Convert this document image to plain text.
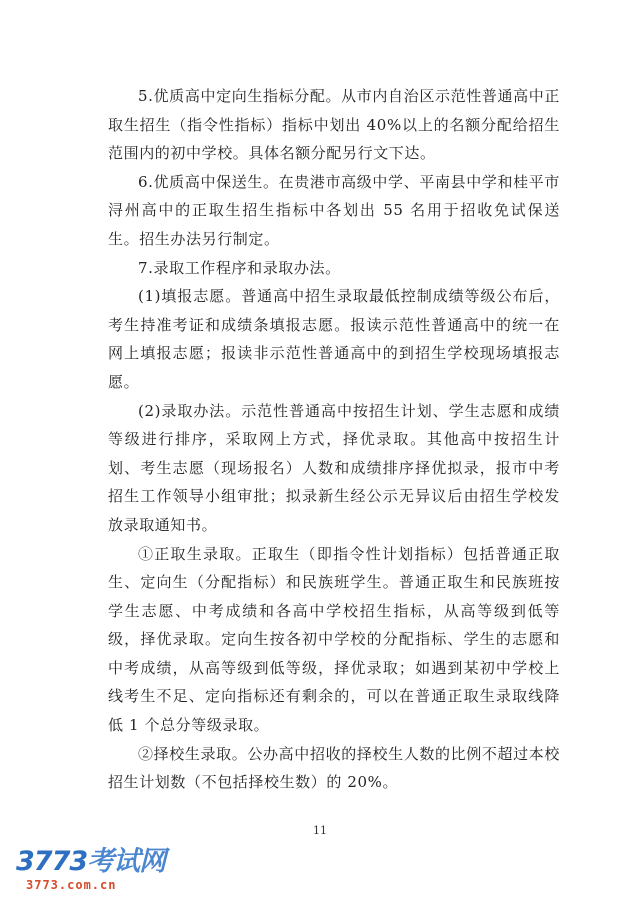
5.优质高中定向生指标分配。从市内自治区示范性普通高中正取生招生（指令性指标）指标中划出 40%以上的名额分配给招生范围内的初中学校。具体名额分配另行文下达。

6.优质高中保送生。在贵港市高级中学、平南县中学和桂平市浔州高中的正取生招生指标中各划出 55 名用于招收免试保送生。招生办法另行制定。

7.录取工作程序和录取办法。

(1)填报志愿。普通高中招生录取最低控制成绩等级公布后，考生持准考证和成绩条填报志愿。报读示范性普通高中的统一在网上填报志愿；报读非示范性普通高中的到招生学校现场填报志愿。

(2)录取办法。示范性普通高中按招生计划、学生志愿和成绩等级进行排序，采取网上方式，择优录取。其他高中按招生计划、考生志愿（现场报名）人数和成绩排序择优拟录，报市中考招生工作领导小组审批；拟录新生经公示无异议后由招生学校发放录取通知书。

①正取生录取。正取生（即指令性计划指标）包括普通正取生、定向生（分配指标）和民族班学生。普通正取生和民族班按学生志愿、中考成绩和各高中学校招生指标，从高等级到低等级，择优录取。定向生按各初中学校的分配指标、学生的志愿和中考成绩，从高等级到低等级，择优录取；如遇到某初中学校上线考生不足、定向指标还有剩余的，可以在普通正取生录取线降低 1 个总分等级录取。

②择校生录取。公办高中招收的择校生人数的比例不超过本校招生计划数（不包括择校生数）的 20%。

11
3773考试网
3773.com.cn
